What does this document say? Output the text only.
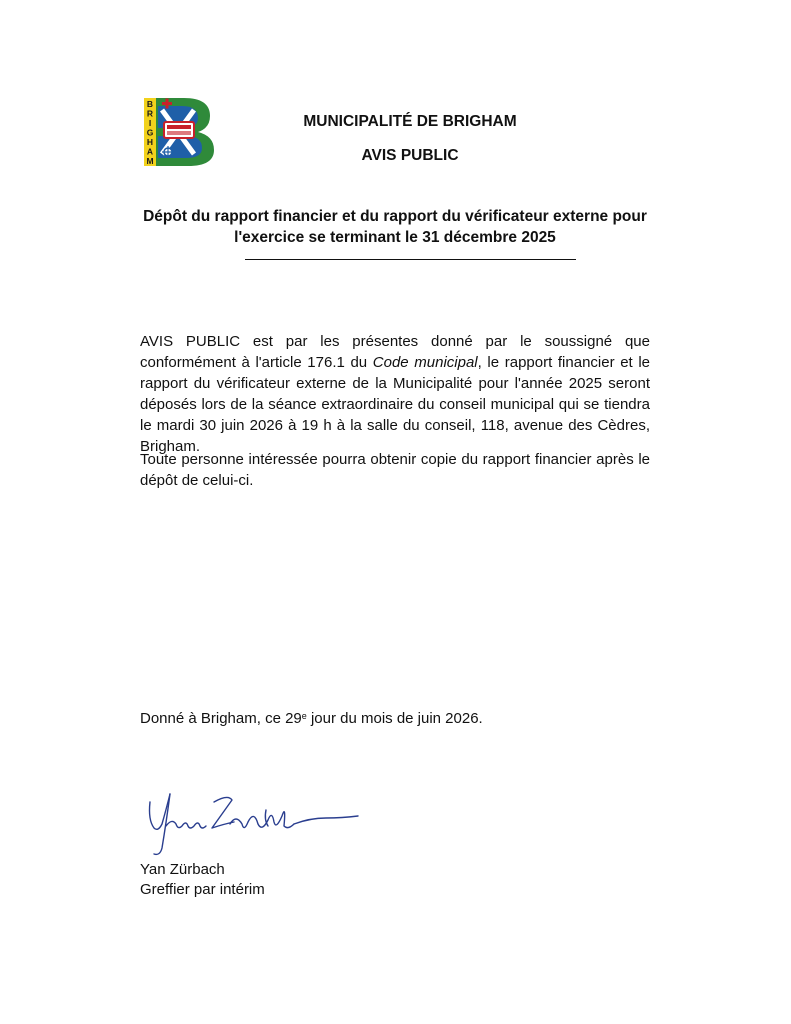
B
R
I
G
H
A
M
MUNICIPALITÉ DE BRIGHAM
AVIS PUBLIC

Dépôt du rapport financier et du rapport du vérificateur externe pour
l'exercice se terminant le 31 décembre 2025

AVIS PUBLIC est par les présentes donné par le soussigné que conformément à l'article 176.1 du Code municipal, le rapport financier et le rapport du vérificateur externe de la Municipalité pour l'année 2025 seront déposés lors de la séance extraordinaire du conseil municipal qui se tiendra le mardi 30 juin 2026 à 19 h à la salle du conseil, 118, avenue des Cèdres, Brigham.

Toute personne intéressée pourra obtenir copie du rapport financier après le dépôt de celui-ci.

Donné à Brigham, ce 29e jour du mois de juin 2026.

Yan Zürbach
Greffier par intérim
